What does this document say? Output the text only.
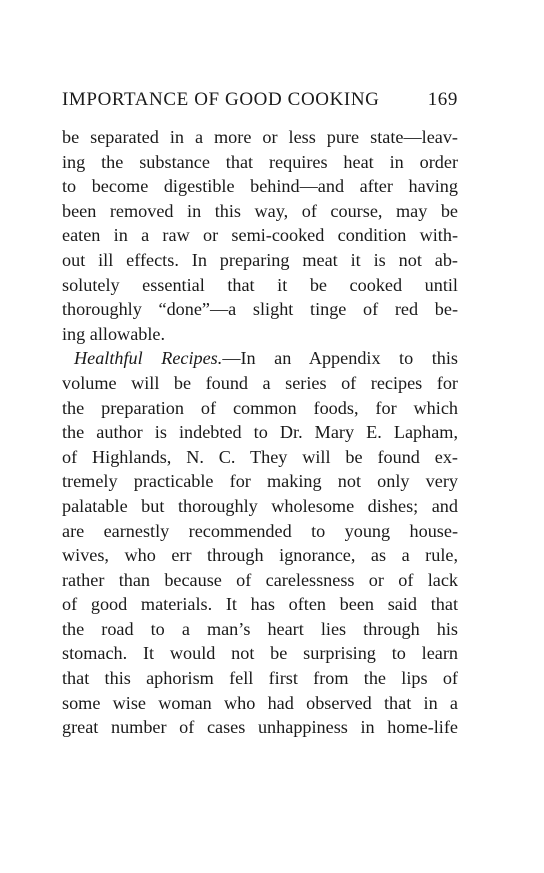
IMPORTANCE OF GOOD COOKING	169
be separated in a more or less pure state—leav-
ing the substance that requires heat in order
to become digestible behind—and after having
been removed in this way, of course, may be
eaten in a raw or semi-cooked condition with-
out ill effects. In preparing meat it is not ab-
solutely essential that it be cooked until
thoroughly “done”—a slight tinge of red be-
ing allowable.
Healthful Recipes.—In an Appendix to this
volume will be found a series of recipes for
the preparation of common foods, for which
the author is indebted to Dr. Mary E. Lapham,
of Highlands, N. C. They will be found ex-
tremely practicable for making not only very
palatable but thoroughly wholesome dishes; and
are earnestly recommended to young house-
wives, who err through ignorance, as a rule,
rather than because of carelessness or of lack
of good materials. It has often been said that
the road to a man’s heart lies through his
stomach. It would not be surprising to learn
that this aphorism fell first from the lips of
some wise woman who had observed that in a
great number of cases unhappiness in home-life
